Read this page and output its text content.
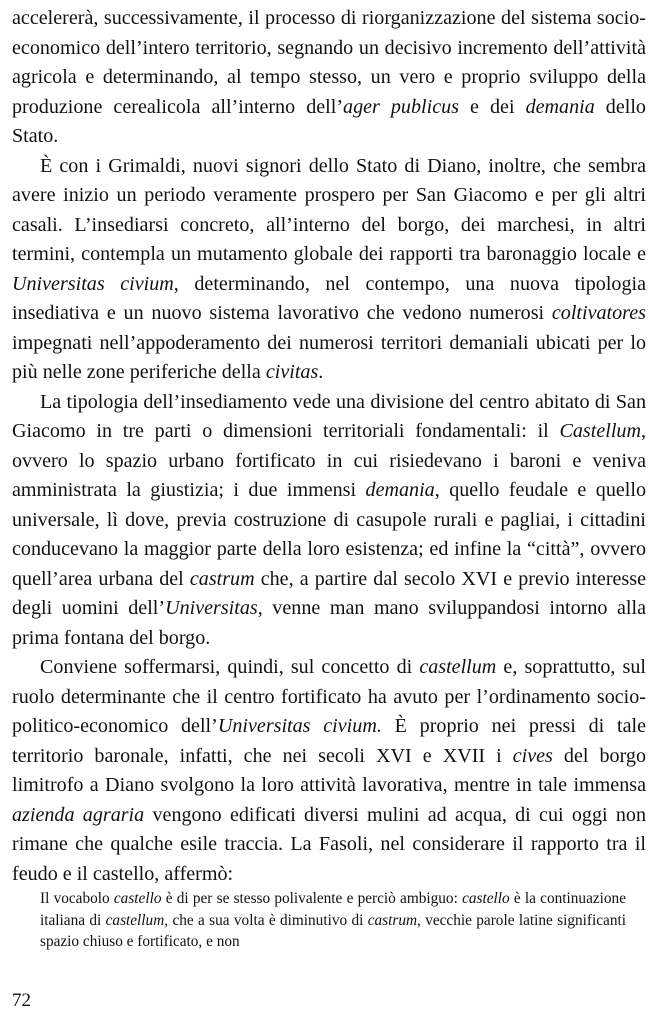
accelererà, successivamente, il processo di riorganizzazione del sistema socio-economico dell’intero territorio, segnando un decisivo incremento dell’attività agricola e determinando, al tempo stesso, un vero e proprio sviluppo della produzione cerealicola all’interno dell’ager publicus e dei demania dello Stato.

È con i Grimaldi, nuovi signori dello Stato di Diano, inoltre, che sembra avere inizio un periodo veramente prospero per San Giacomo e per gli altri casali. L’insediarsi concreto, all’interno del borgo, dei marchesi, in altri termini, contempla un mutamento globale dei rapporti tra baronaggio locale e Universitas civium, determinando, nel contempo, una nuova tipologia insediativa e un nuovo sistema lavorativo che vedono numerosi coltivatores impegnati nell’appoderamento dei numerosi territori demaniali ubicati per lo più nelle zone periferiche della civitas.

La tipologia dell’insediamento vede una divisione del centro abitato di San Giacomo in tre parti o dimensioni territoriali fondamentali: il Castellum, ovvero lo spazio urbano fortificato in cui risiedevano i baroni e veniva amministrata la giustizia; i due immensi demania, quello feudale e quello universale, lì dove, previa costruzione di casupole rurali e pagliai, i cittadini conducevano la maggior parte della loro esistenza; ed infine la “città”, ovvero quell’area urbana del castrum che, a partire dal secolo XVI e previo interesse degli uomini dell’Universitas, venne man mano sviluppandosi intorno alla prima fontana del borgo.

Conviene soffermarsi, quindi, sul concetto di castellum e, soprattutto, sul ruolo determinante che il centro fortificato ha avuto per l’ordinamento socio-politico-economico dell’Universitas civium. È proprio nei pressi di tale territorio baronale, infatti, che nei secoli XVI e XVII i cives del borgo limitrofo a Diano svolgono la loro attività lavorativa, mentre in tale immensa azienda agraria vengono edificati diversi mulini ad acqua, di cui oggi non rimane che qualche esile traccia. La Fasoli, nel considerare il rapporto tra il feudo e il castello, affermò:

Il vocabolo castello è di per se stesso polivalente e perciò ambiguo: castello è la continuazione italiana di castellum, che a sua volta è diminutivo di castrum, vecchie parole latine significanti spazio chiuso e fortificato, e non

72
